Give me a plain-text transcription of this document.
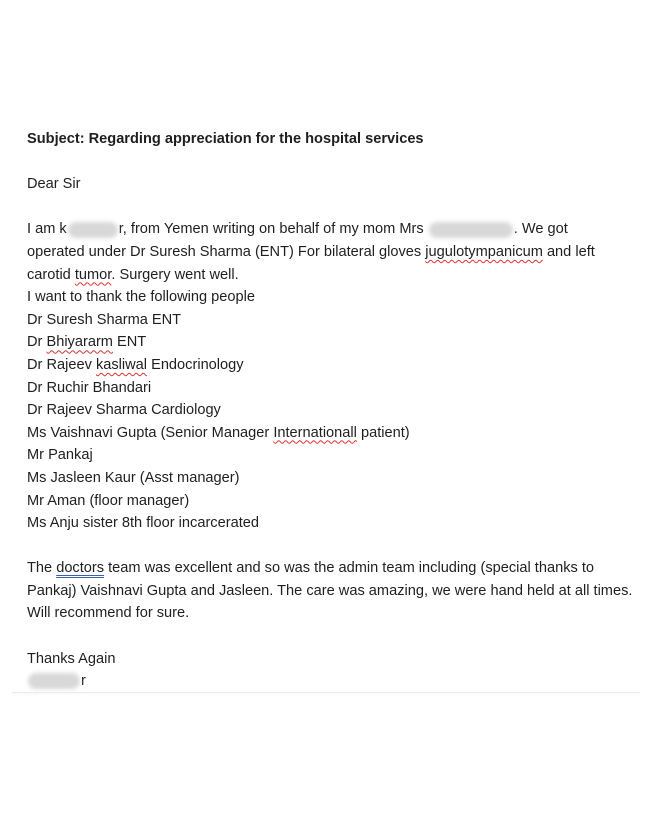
Subject: Regarding appreciation for the hospital services
Dear Sir
I am k	r, from Yemen writing on behalf of my mom Mrs	. We got
operated under Dr Suresh Sharma (ENT) For bilateral gloves jugulotympanicum and left
carotid tumor. Surgery went well.
I want to thank the following people
Dr Suresh Sharma ENT
Dr Bhiyararm ENT
Dr Rajeev kasliwal Endocrinology
Dr Ruchir Bhandari
Dr Rajeev Sharma Cardiology
Ms Vaishnavi Gupta (Senior Manager Internationall patient)
Mr Pankaj
Ms Jasleen Kaur (Asst manager)
Mr Aman (floor manager)
Ms Anju sister 8th floor incarcerated
The doctors team was excellent and so was the admin team including (special thanks to Pankaj) Vaishnavi Gupta and Jasleen. The care was amazing, we were hand held at all times. Will recommend for sure.
Thanks Again
r
